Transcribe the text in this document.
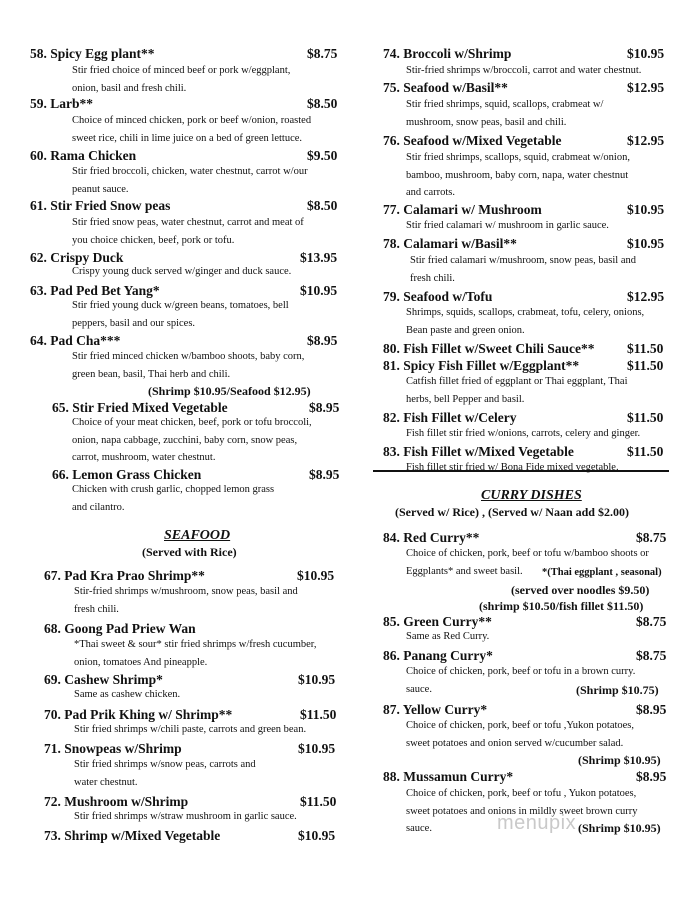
58. Spicy Egg plant**	$8.75
Stir fried choice of minced beef or pork w/eggplant,
onion, basil and fresh chili.
59. Larb**	$8.50
Choice of minced chicken, pork or beef w/onion, roasted
sweet rice, chili in lime juice on a bed of green lettuce.
60. Rama Chicken	$9.50
Stir fried broccoli, chicken, water chestnut, carrot w/our
peanut sauce.
61. Stir Fried Snow peas	$8.50
Stir fried snow peas, water chestnut, carrot and meat of
you choice chicken, beef, pork or tofu.
62. Crispy Duck	$13.95
Crispy young duck served w/ginger and duck sauce.
63. Pad Ped Bet Yang*	$10.95
Stir fried young duck w/green beans, tomatoes, bell
peppers, basil and our spices.
64. Pad Cha***	$8.95
Stir fried minced chicken w/bamboo shoots, baby corn,
green bean, basil, Thai herb and chili.
(Shrimp $10.95/Seafood $12.95)
65. Stir Fried Mixed Vegetable	$8.95
Choice of your meat chicken, beef, pork or tofu broccoli,
onion, napa cabbage, zucchini, baby corn, snow peas,
carrot, mushroom, water chestnut.
66. Lemon Grass Chicken	$8.95
Chicken with crush garlic, chopped lemon grass
and cilantro.
SEAFOOD
(Served with Rice)
67. Pad Kra Prao Shrimp**	$10.95
Stir-fried shrimps w/mushroom, snow peas, basil and
fresh chili.
68. Goong Pad Priew Wan
*Thai sweet & sour* stir fried shrimps w/fresh cucumber,
onion, tomatoes And pineapple.
69. Cashew Shrimp*	$10.95
Same as cashew chicken.
70. Pad Prik Khing w/ Shrimp**	$11.50
Stir fried shrimps w/chili paste, carrots and green bean.
71. Snowpeas w/Shrimp	$10.95
Stir fried shrimps w/snow peas, carrots and
water chestnut.
72. Mushroom w/Shrimp	$11.50
Stir fried shrimps w/straw mushroom in garlic sauce.
73. Shrimp w/Mixed Vegetable	$10.95
74. Broccoli w/Shrimp	$10.95
Stir-fried shrimps w/broccoli, carrot and water chestnut.
75. Seafood w/Basil**	$12.95
Stir fried shrimps, squid, scallops, crabmeat w/
mushroom, snow peas, basil and chili.
76. Seafood w/Mixed Vegetable	$12.95
Stir fried shrimps, scallops, squid, crabmeat w/onion,
bamboo, mushroom, baby corn, napa, water chestnut
and carrots.
77. Calamari w/ Mushroom	$10.95
Stir fried calamari w/ mushroom in garlic sauce.
78. Calamari w/Basil**	$10.95
Stir fried calamari w/mushroom, snow peas, basil and
fresh chili.
79. Seafood w/Tofu	$12.95
Shrimps, squids, scallops, crabmeat, tofu, celery, onions,
Bean paste and green onion.
80. Fish Fillet w/Sweet Chili Sauce** $11.50
81. Spicy Fish Fillet w/Eggplant**	$11.50
Catfish fillet fried of eggplant or Thai eggplant, Thai
herbs, bell Pepper and basil.
82. Fish Fillet w/Celery	$11.50
Fish fillet stir fried w/onions, carrots, celery and ginger.
83. Fish Fillet w/Mixed Vegetable	$11.50
Fish fillet stir fried w/ Bona Fide mixed vegetable.
CURRY DISHES
(Served w/ Rice) , (Served w/ Naan add $2.00)
84. Red Curry**	$8.75
Choice of chicken, pork, beef or tofu w/bamboo shoots or
Eggplants* and sweet basil.	*(Thai eggplant , seasonal)
(served over noodles $9.50)
(shrimp $10.50/fish fillet $11.50)
85. Green Curry**	$8.75
Same as Red Curry.
86. Panang Curry*	$8.75
Choice of chicken, pork, beef or tofu in a brown curry.
sauce.	(Shrimp $10.75)
87. Yellow Curry*	$8.95
Choice of chicken, pork, beef or tofu ,Yukon potatoes,
sweet potatoes and onion served w/cucumber salad.
(Shrimp $10.95)
88. Mussamun Curry*	$8.95
Choice of chicken, pork, beef or tofu , Yukon potatoes,
sweet potatoes and onions in mildly sweet brown curry
sauce.	(Shrimp $10.95)
menupix
